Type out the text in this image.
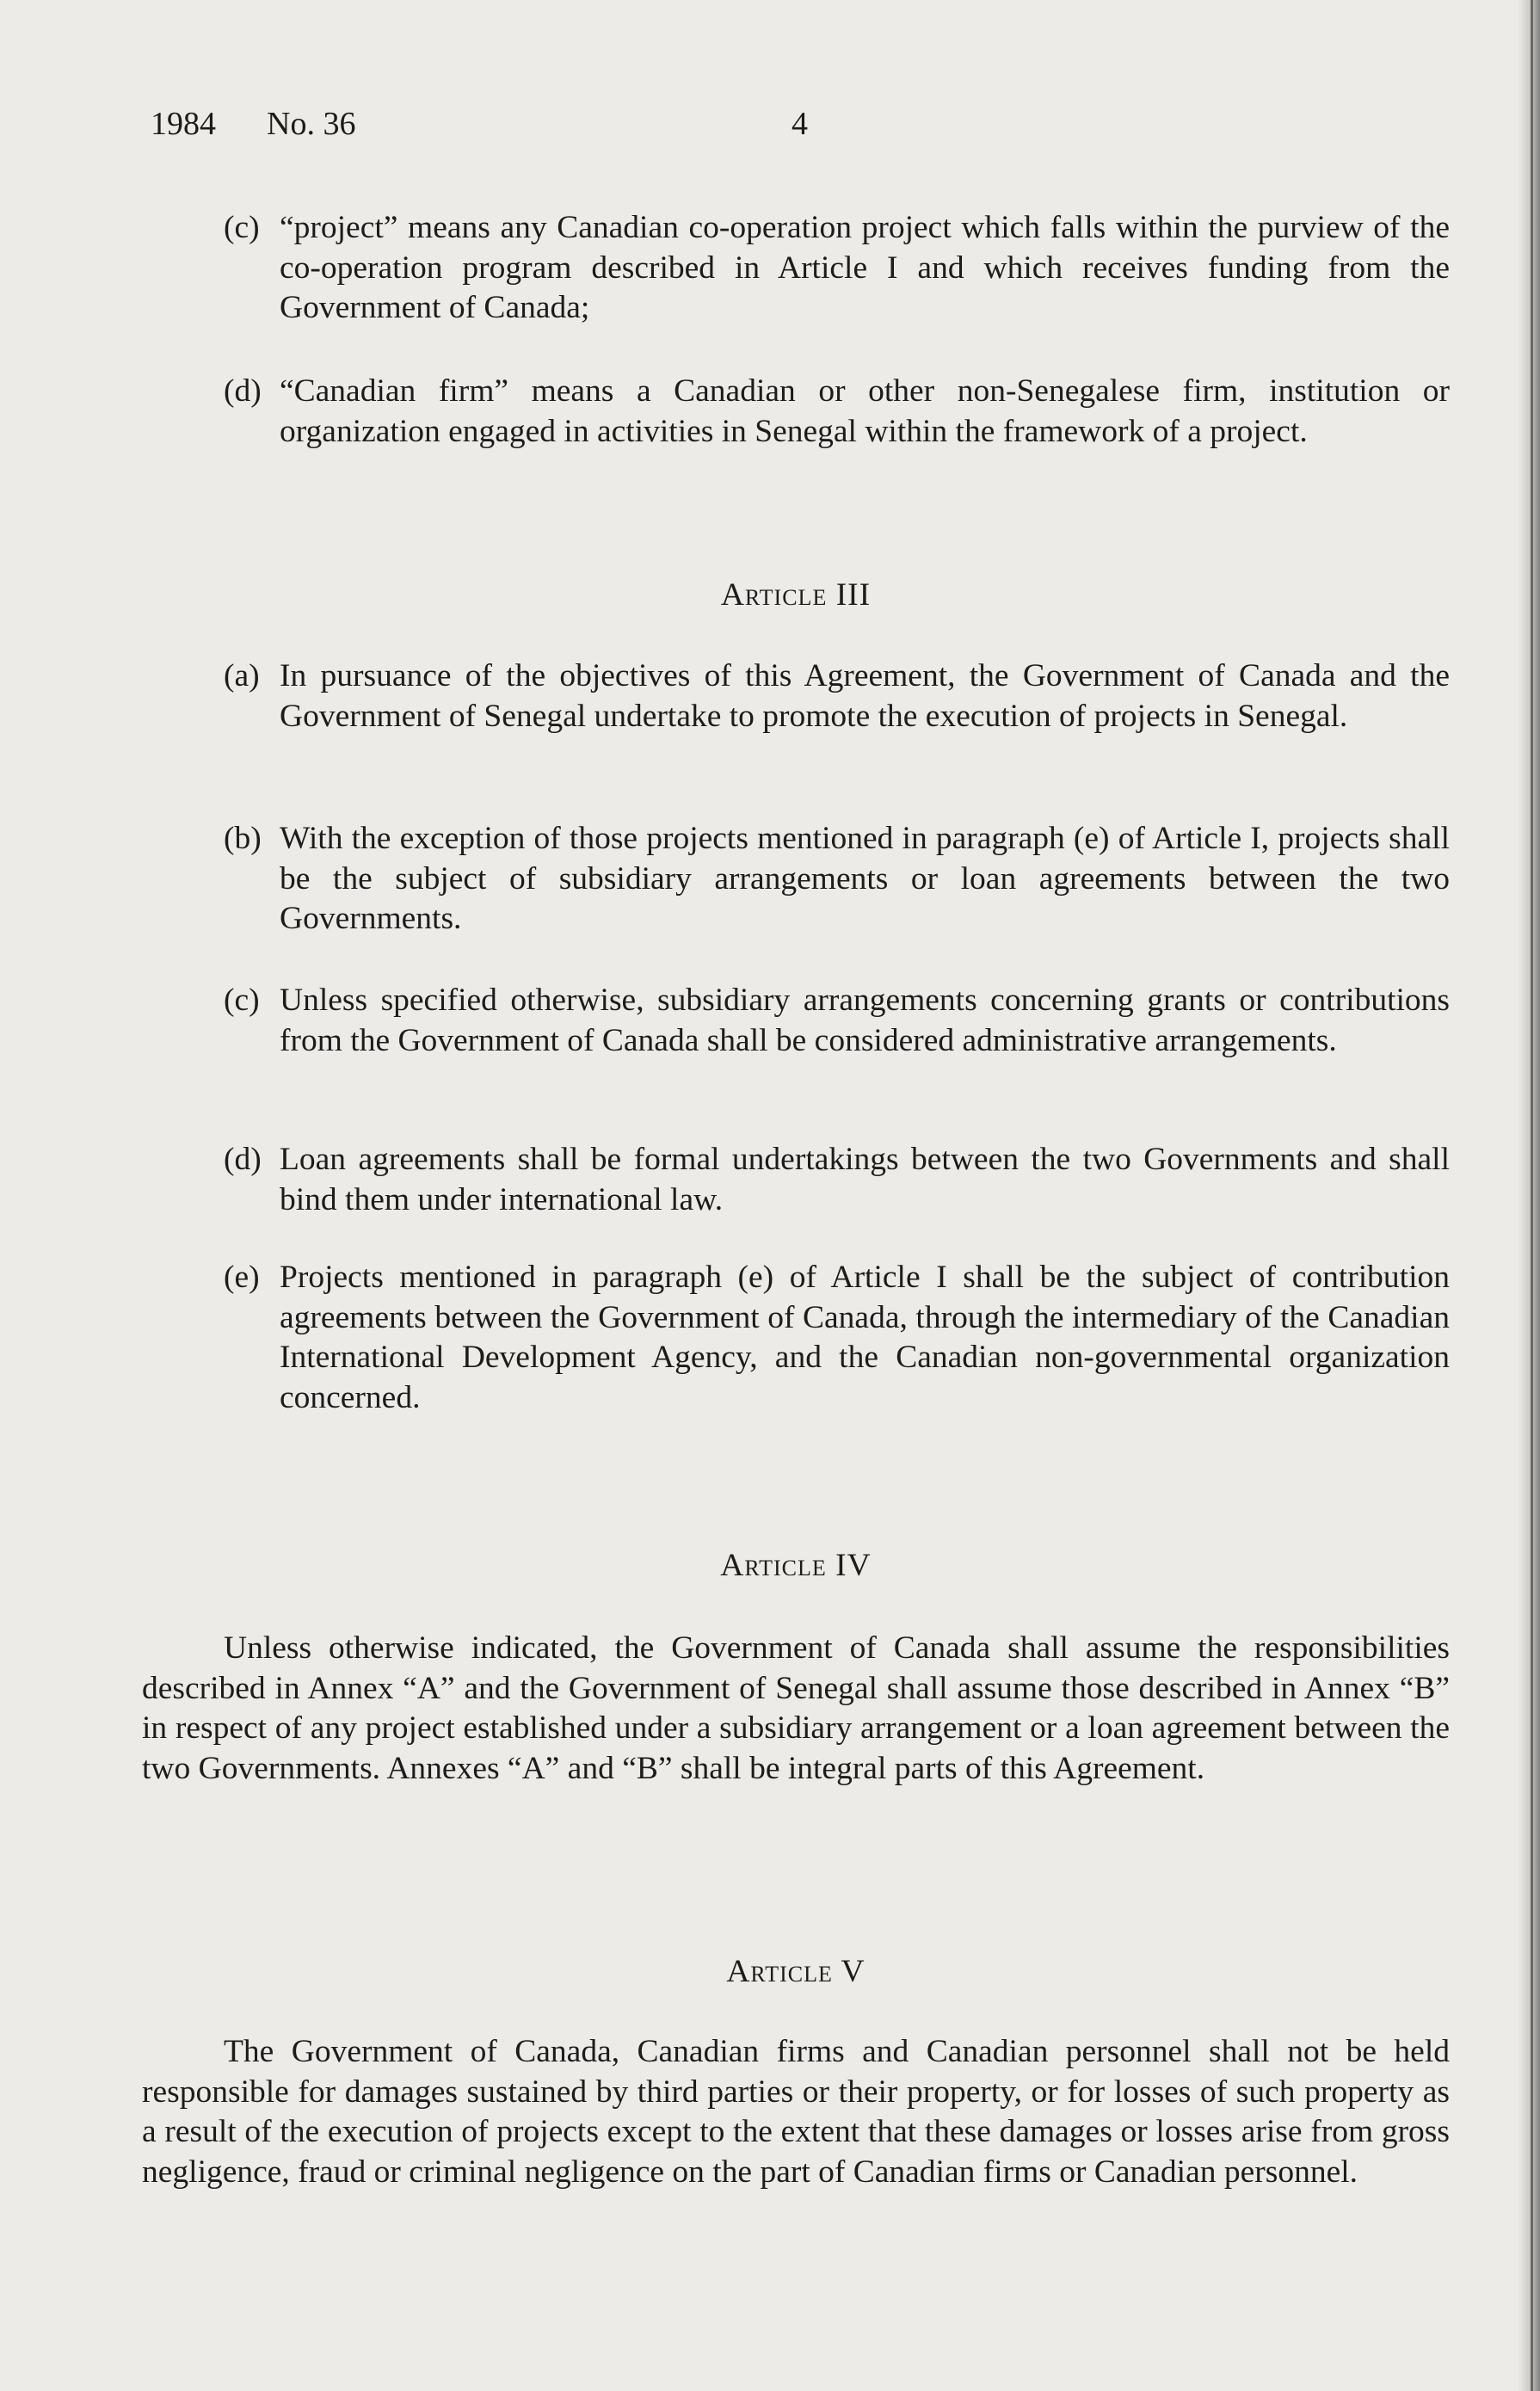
1984 No. 36	4
(c) “project” means any Canadian co-operation project which falls within the purview of the co-operation program described in Article I and which receives funding from the Government of Canada;
(d) “Canadian firm” means a Canadian or other non-Senegalese firm, institution or organization engaged in activities in Senegal within the framework of a project.
Article III
(a) In pursuance of the objectives of this Agreement, the Government of Canada and the Government of Senegal undertake to promote the execution of projects in Senegal.
(b) With the exception of those projects mentioned in paragraph (e) of Article I, projects shall be the subject of subsidiary arrangements or loan agreements between the two Governments.
(c) Unless specified otherwise, subsidiary arrangements concerning grants or contributions from the Government of Canada shall be considered administrative arrangements.
(d) Loan agreements shall be formal undertakings between the two Governments and shall bind them under international law.
(e) Projects mentioned in paragraph (e) of Article I shall be the subject of contribution agreements between the Government of Canada, through the intermediary of the Canadian International Development Agency, and the Canadian non-governmental organization concerned.
Article IV
Unless otherwise indicated, the Government of Canada shall assume the responsibilities described in Annex “A” and the Government of Senegal shall assume those described in Annex “B” in respect of any project established under a subsidiary arrangement or a loan agreement between the two Governments. Annexes “A” and “B” shall be integral parts of this Agreement.
Article V
The Government of Canada, Canadian firms and Canadian personnel shall not be held responsible for damages sustained by third parties or their property, or for losses of such property as a result of the execution of projects except to the extent that these damages or losses arise from gross negligence, fraud or criminal negligence on the part of Canadian firms or Canadian personnel.
